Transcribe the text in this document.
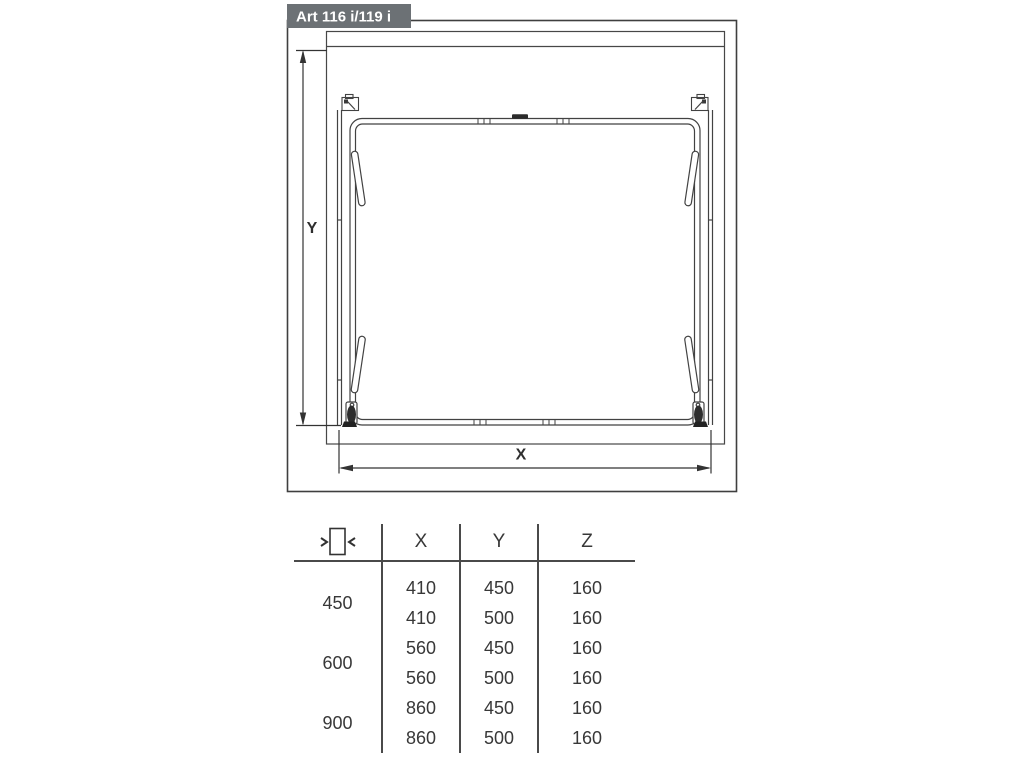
Y
X
Art 116 i/119 i
	X	Y	Z
450	410	450	160
	410	500	160
600	560	450	160
	560	500	160
900	860	450	160
	860	500	160
